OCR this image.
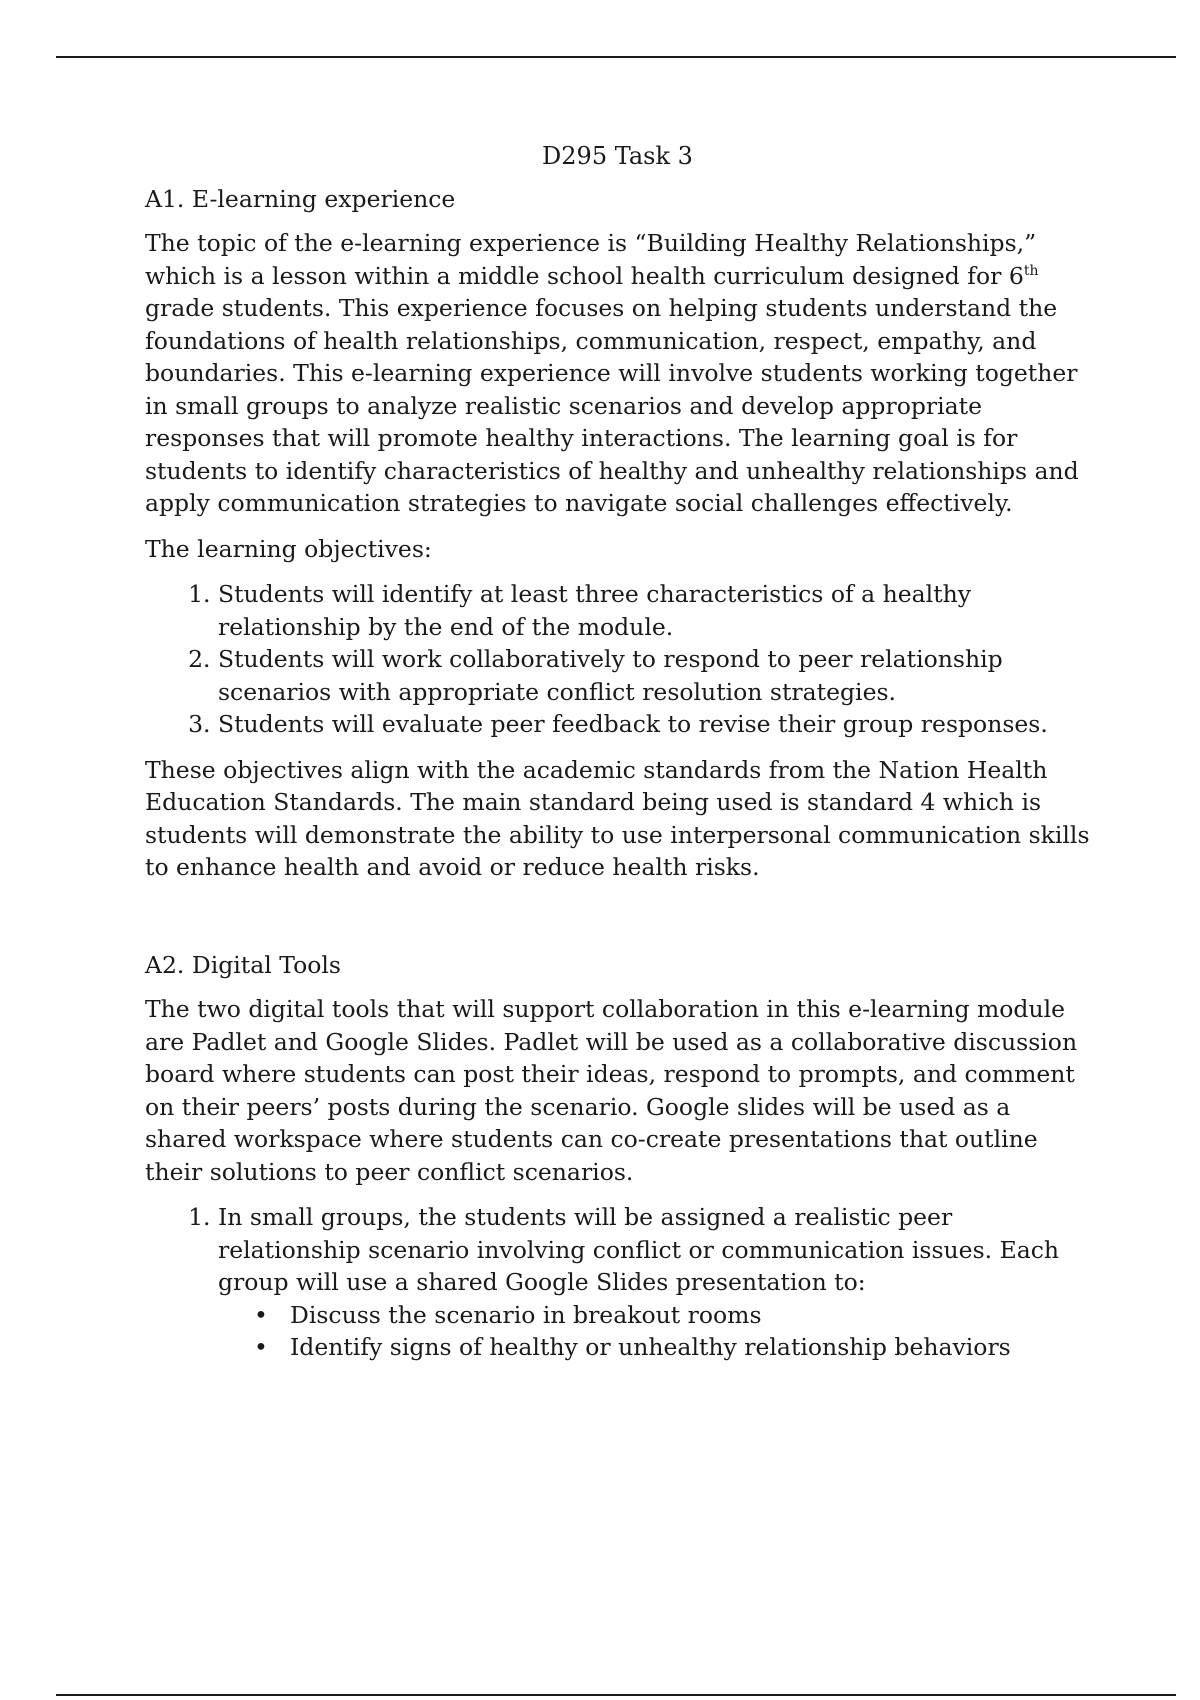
D295 Task 3
A1. E-learning experience

The topic of the e-learning experience is “Building Healthy Relationships,” which is a lesson within a middle school health curriculum designed for 6th grade students. This experience focuses on helping students understand the foundations of health relationships, communication, respect, empathy, and boundaries. This e-learning experience will involve students working together in small groups to analyze realistic scenarios and develop appropriate responses that will promote healthy interactions. The learning goal is for students to identify characteristics of healthy and unhealthy relationships and apply communication strategies to navigate social challenges effectively.

The learning objectives:

1. Students will identify at least three characteristics of a healthy relationship by the end of the module.
2. Students will work collaboratively to respond to peer relationship scenarios with appropriate conflict resolution strategies.
3. Students will evaluate peer feedback to revise their group responses.

These objectives align with the academic standards from the Nation Health Education Standards. The main standard being used is standard 4 which is students will demonstrate the ability to use interpersonal communication skills to enhance health and avoid or reduce health risks.

A2. Digital Tools

The two digital tools that will support collaboration in this e-learning module are Padlet and Google Slides. Padlet will be used as a collaborative discussion board where students can post their ideas, respond to prompts, and comment on their peers’ posts during the scenario. Google slides will be used as a shared workspace where students can co-create presentations that outline their solutions to peer conflict scenarios.

1. In small groups, the students will be assigned a realistic peer relationship scenario involving conflict or communication issues. Each group will use a shared Google Slides presentation to:
• Discuss the scenario in breakout rooms
• Identify signs of healthy or unhealthy relationship behaviors
